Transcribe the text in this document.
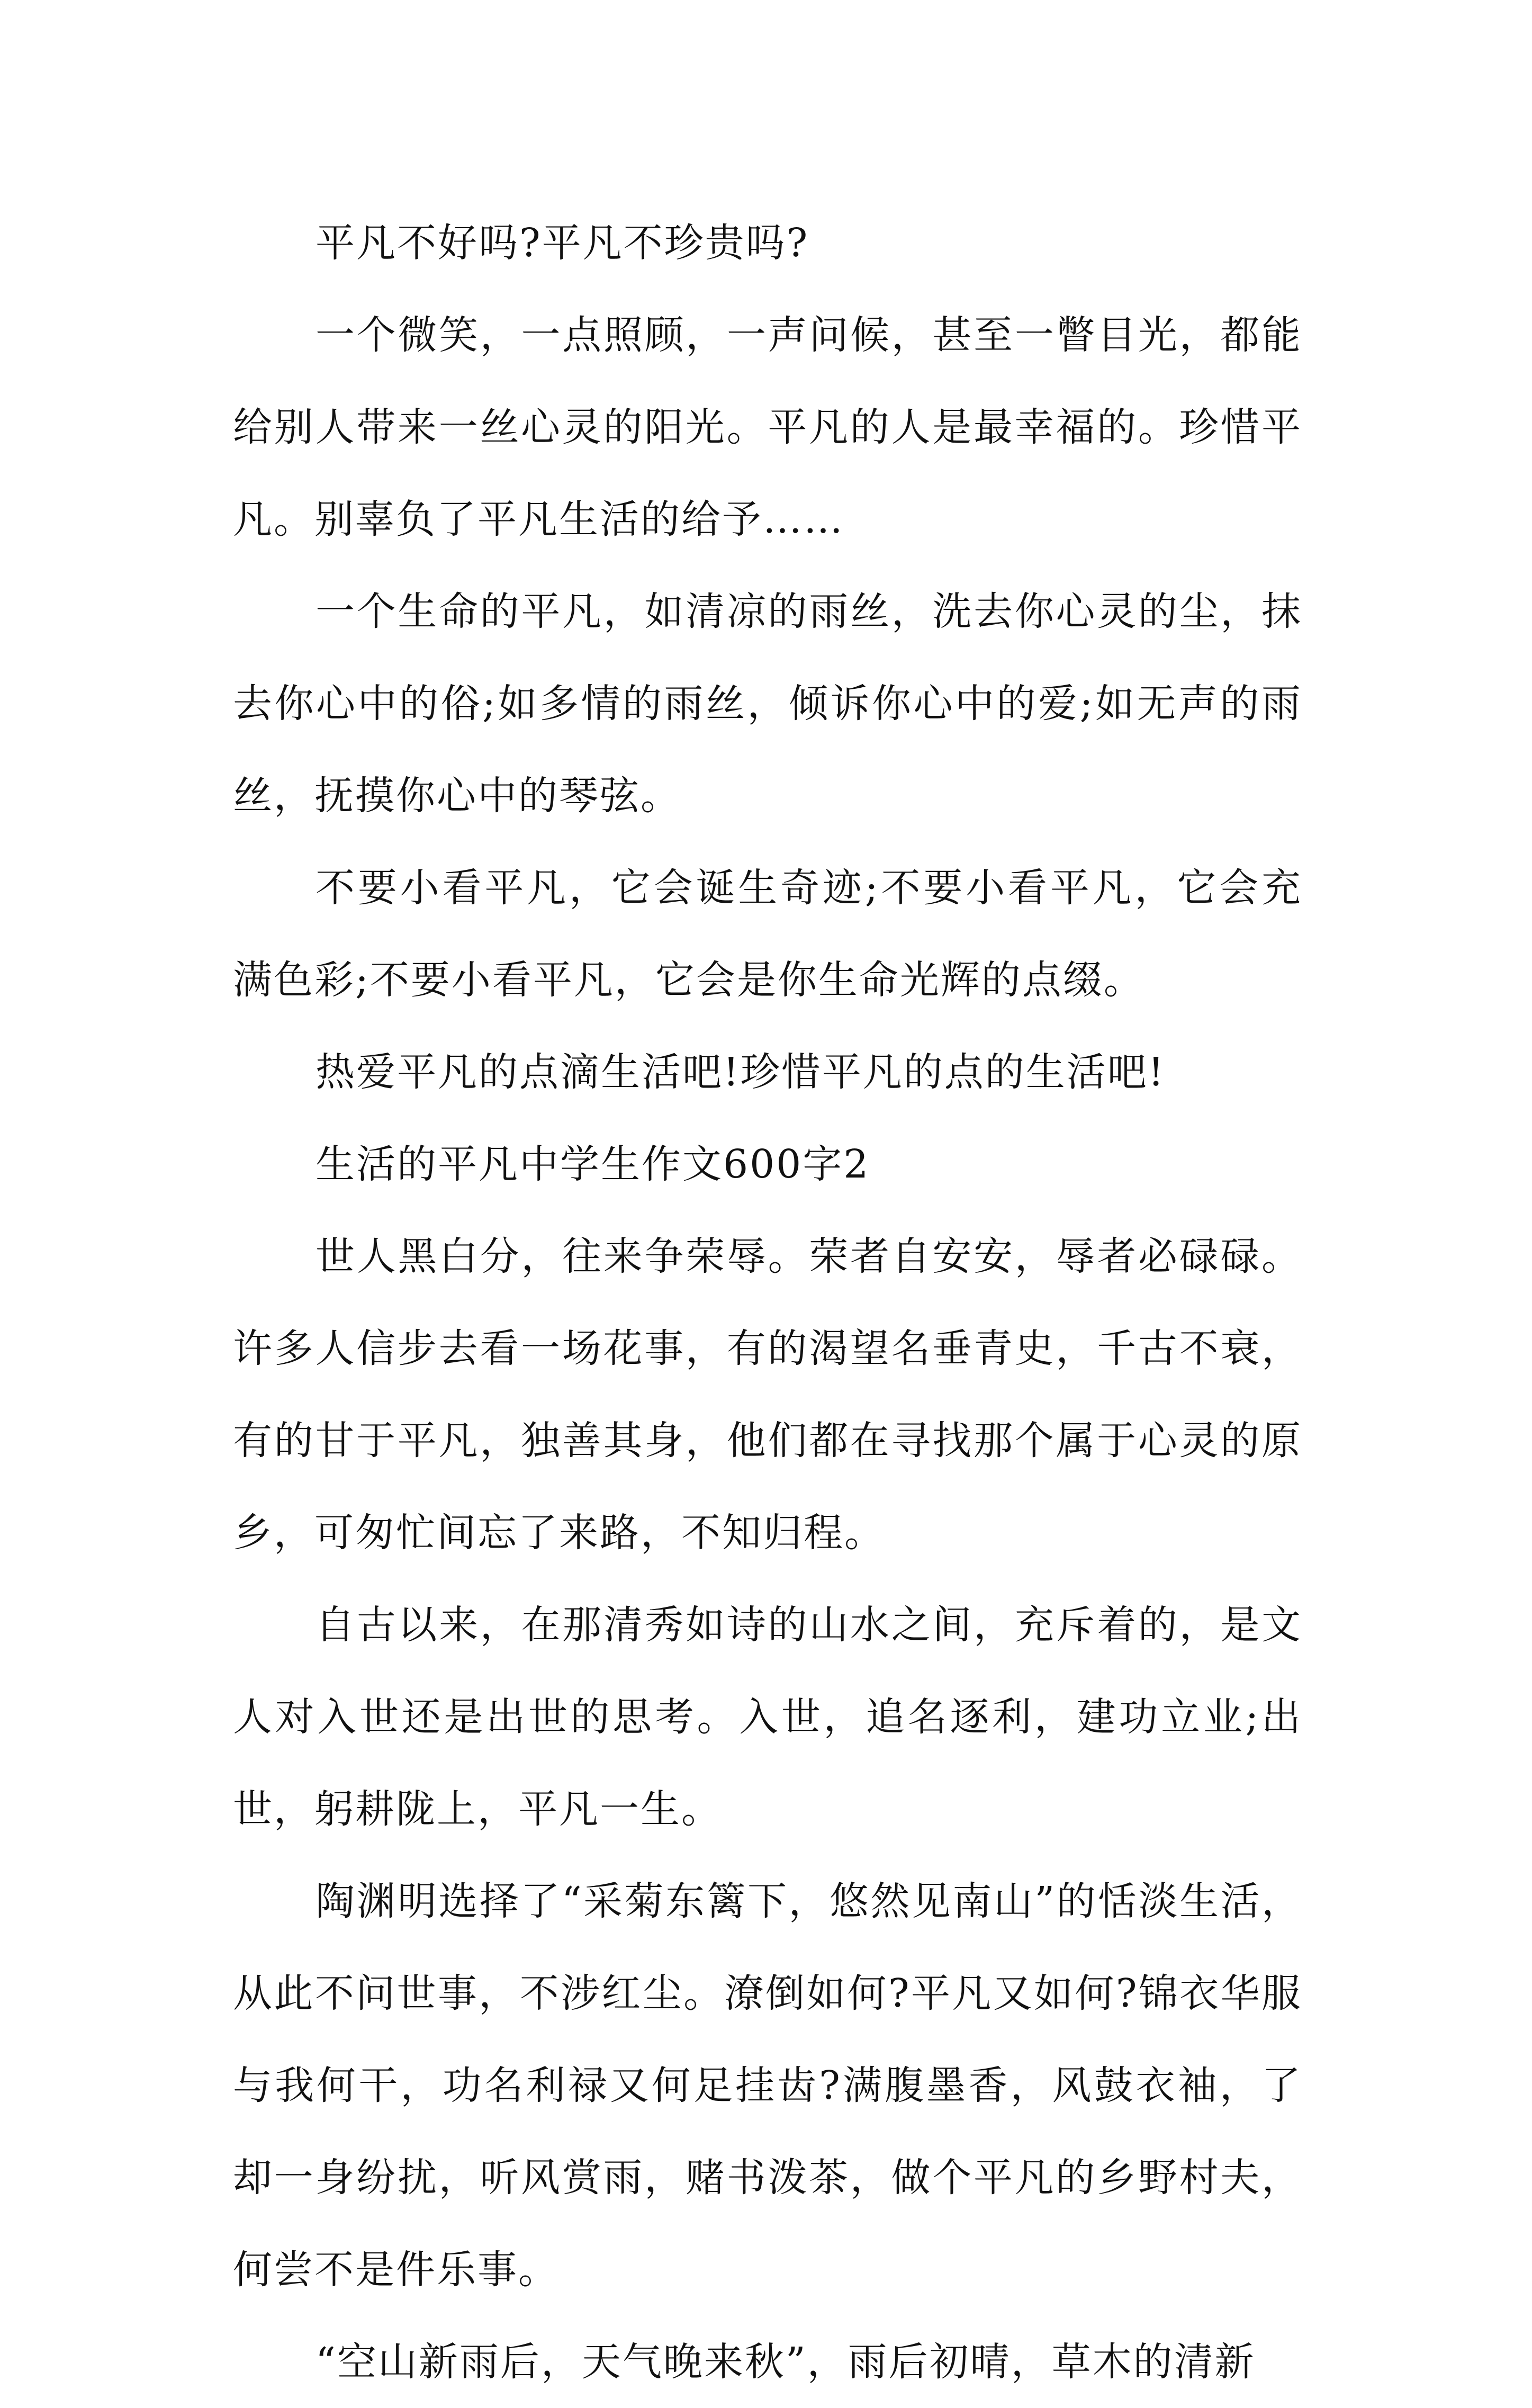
平凡不好吗?平凡不珍贵吗?

一个微笑，一点照顾，一声问候，甚至一瞥目光，都能给别人带来一丝心灵的阳光。平凡的人是最幸福的。珍惜平凡。别辜负了平凡生活的给予……

一个生命的平凡，如清凉的雨丝，洗去你心灵的尘，抹去你心中的俗;如多情的雨丝，倾诉你心中的爱;如无声的雨丝，抚摸你心中的琴弦。

不要小看平凡，它会诞生奇迹;不要小看平凡，它会充满色彩;不要小看平凡，它会是你生命光辉的点缀。

热爱平凡的点滴生活吧!珍惜平凡的点的生活吧!

生活的平凡中学生作文600字2

世人黑白分，往来争荣辱。荣者自安安，辱者必碌碌。许多人信步去看一场花事，有的渴望名垂青史，千古不衰，有的甘于平凡，独善其身，他们都在寻找那个属于心灵的原乡，可匆忙间忘了来路，不知归程。

自古以来，在那清秀如诗的山水之间，充斥着的，是文人对入世还是出世的思考。入世，追名逐利，建功立业;出世，躬耕陇上，平凡一生。

陶渊明选择了“采菊东篱下，悠然见南山”的恬淡生活，从此不问世事，不涉红尘。潦倒如何?平凡又如何?锦衣华服与我何干，功名利禄又何足挂齿?满腹墨香，风鼓衣袖，了却一身纷扰，听风赏雨，赌书泼茶，做个平凡的乡野村夫，何尝不是件乐事。

“空山新雨后，天气晚来秋”，雨后初晴，草木的清新
